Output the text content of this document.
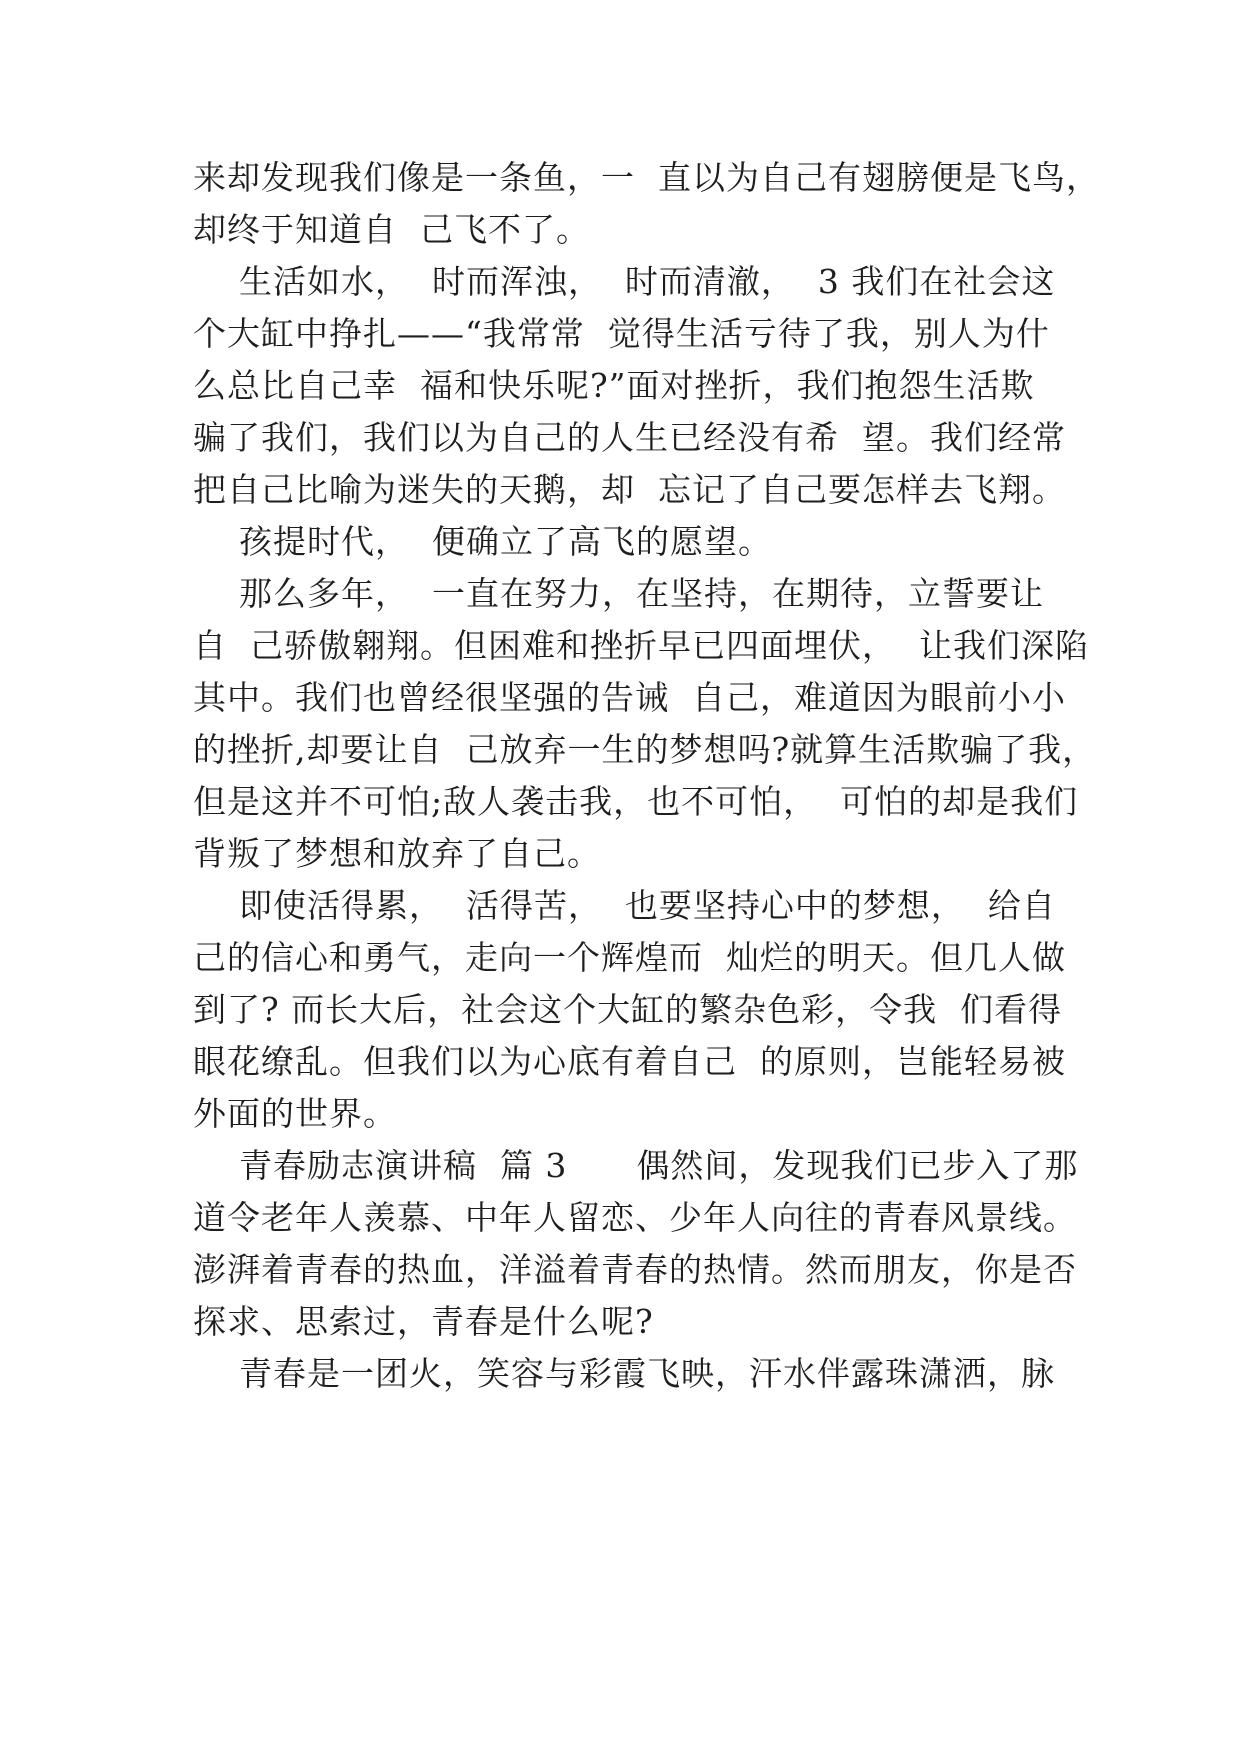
来却发现我们像是一条鱼，一  直以为自己有翅膀便是飞鸟，
却终于知道自  己飞不了。
生活如水，  时而浑浊，  时而清澈，  3 我们在社会这
个大缸中挣扎——“我常常  觉得生活亏待了我，别人为什
么总比自己幸  福和快乐呢?”面对挫折，我们抱怨生活欺
骗了我们，我们以为自己的人生已经没有希  望。我们经常
把自己比喻为迷失的天鹅，却  忘记了自己要怎样去飞翔。
孩提时代，  便确立了高飞的愿望。
那么多年，  一直在努力，在坚持，在期待，立誓要让
自  己骄傲翱翔。但困难和挫折早已四面埋伏，  让我们深陷
其中。我们也曾经很坚强的告诫  自己，难道因为眼前小小
的挫折,却要让自  己放弃一生的梦想吗?就算生活欺骗了我，
但是这并不可怕;敌人袭击我，也不可怕，  可怕的却是我们
背叛了梦想和放弃了自己。
即使活得累，  活得苦，  也要坚持心中的梦想，  给自
己的信心和勇气，走向一个辉煌而  灿烂的明天。但几人做
到了? 而长大后，社会这个大缸的繁杂色彩，令我  们看得
眼花缭乱。但我们以为心底有着自己  的原则，岂能轻易被
外面的世界。
青春励志演讲稿  篇 3      偶然间，发现我们已步入了那
道令老年人羡慕、中年人留恋、少年人向往的青春风景线。
澎湃着青春的热血，洋溢着青春的热情。然而朋友，你是否
探求、思索过，青春是什么呢?
青春是一团火，笑容与彩霞飞映，汗水伴露珠潇洒，脉
